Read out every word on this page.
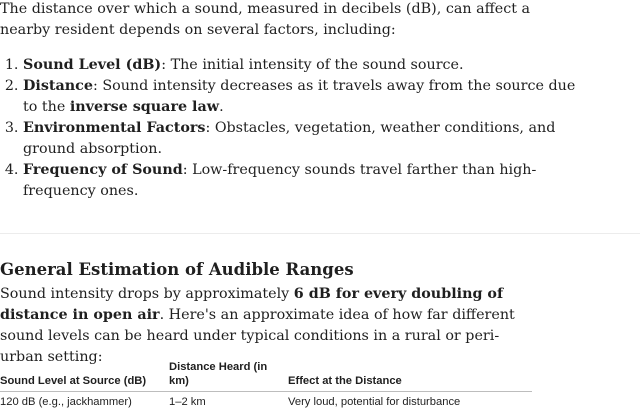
The distance over which a sound, measured in decibels (dB), can affect a nearby resident depends on several factors, including:

1. Sound Level (dB): The initial intensity of the sound source.
2. Distance: Sound intensity decreases as it travels away from the source due to the inverse square law.
3. Environmental Factors: Obstacles, vegetation, weather conditions, and ground absorption.
4. Frequency of Sound: Low-frequency sounds travel farther than high-frequency ones.
General Estimation of Audible Ranges

Sound intensity drops by approximately 6 dB for every doubling of distance in open air. Here's an approximate idea of how far different sound levels can be heard under typical conditions in a rural or peri-urban setting:

Sound Level at Source (dB)	Distance Heard (in km)	Effect at the Distance
120 dB (e.g., jackhammer)	1–2 km	Very loud, potential for disturbance
